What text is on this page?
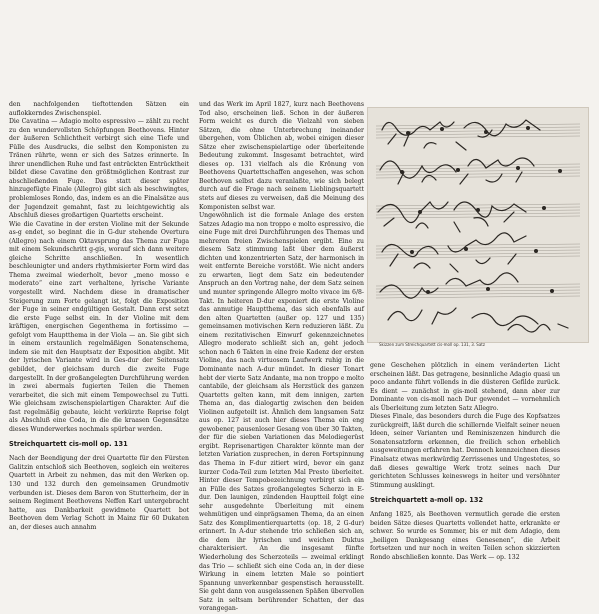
den nachfolgenden tieftottenden Sätzen ein auflokkerndes Zwischenspiel.
Die Cavatina — Adagio molto espressivo — zählt zu recht zu den wundervollsten Schöpfungen Beethovens. Hinter der äußeren Schlichtheit verbirgt sich eine Tiefe und Fülle des Ausdrucks, die selbst den Komponisten zu Tränen rührte, wenn er sich des Satzes erinnerte. In ihrer unendlichen Ruhe und fast entrückten Entrücktheit bildet diese Cavatine den größtmöglichen Kontrast zur abschließenden Fuge. Das statt dieser später hinzugefügte Finale (Allegro) gibt sich als beschwingtes, problemloses Rondo, das, indem es an die Finalsätze aus der Jugendzeit gemahnt, fast zu leichtgewichtig als Abschluß dieses großartigen Quartetts erscheint.
Wie die Cavatine in der ersten Violine mit der Sekunde as-g endet, so beginnt die in G-dur stehende Overtura (Allegro) nach einem Oktavsprung das Thema zur Fuga mit einem Sekundschritt g-gis, worauf sich dann weitere gleiche Schritte anschließen. In wesentlich beschleunigter und anders rhythmisierter Form wird das Thema zweimal wiederholt, bevor „meno mosso e moderato“ eine zart verhaltene, lyrische Variante vorgestellt wird. Nachdem diese in dramatischer Steigerung zum Forte gelangt ist, folgt die Exposition der Fuge in seiner endgültigen Gestalt. Dann erst setzt die erste Fuge selbst ein. In der Violine mit dem kräftigen, energischen Gegenthema in fortissimo — gefolgt vom Hauptthema in der Viola — an. Sie gibt sich in einem erstaunlich regelmäßigen Sonatenschema, indem sie mit den Hauptsatz der Exposition abgibt. Mit der lyrischen Variante wird in Ges-dur der Seitensatz gebildet, der gleichsam durch die zweite Fuge dargestellt. In der großangelegten Durchführung werden in zwei abermals fugierten Teilen die Themen verarbeitet, die sich mit einem Tempowechsel zu Tutti. Wie gleichsam zwischenspielartigen Charakter. Auf die fast regelmäßig gebaute, leicht verkürzte Reprise folgt als Abschluß eine Coda, in die die kraasen Gegensätze dieses Wunderwerkes nochmals spürbar werden.

Streichquartett cis-moll op. 131

Nach der Beendigung der drei Quartette für den Fürsten Galitzin entschloß sich Beethoven, sogleich ein weiteres Quartett in Arbeit zu nehmen, das mit den Werken op. 130 und 132 durch den gemeinsamen Grundmotiv verbunden ist. Dieses dem Baron von Stutterheim, der in seinem Regiment Beethovens Neffen Karl untergebracht hatte, aus Dankbarkeit gewidmete Quartett bot Beethoven dem Verlag Schott in Mainz für 60 Dukaten an, der dieses auch annahm

und das Werk im April 1827, kurz nach Beethovens Tod also, erscheinen ließ. Schon in der äußeren Form weicht es durch die Vielzahl von sieben Sätzen, die ohne Unterbrechung ineinander übergehen, vom Üblichen ab, wobei einigen dieser Sätze eher zwischenspielartige oder überleitende Bedeutung zukommt. Insgesamt betrachtet, wird dieses op. 131 vielfach als die Krönung von Beethovens Quartettschaffen angesehen, was schon Beethoven selbst dazu veranlaßte, wie sich belegt durch auf die Frage nach seinem Lieblingsquartett stets auf dieses zu verweisen, daß die Meinung des Komponisten selbst war.
Ungewöhnlich ist die formale Anlage des ersten Satzes Adagio ma non troppo e molto espressivo, die eine Fuge mit drei Durchführungen des Themas und mehreren freien Zwischenspielen ergibt. Eine zu diesem Satz stimmung laßt über dem äußerst dichten und konzentrierten Satz, der harmonisch in weit entfernte Bereiche vorstößt. Wie nicht anders zu erwarten, liegt dem Satz ein bedeutender Anspruch an den Vortrag nahe, der dem Satz seinen und munter springende Allegro molto vivace im 6/8-Takt. In heiteren D-dur exponiert die erste Violine das anmutige Hauptthema, das sich ebenfalls auf den alten Quartetten (außer op. 127 und 135) gemeinsamen motivischen Kern reduzieren läßt. Zu einem rezitativischen Einwurf gekennzeichnetes Allegro moderato schließt sich an, geht jedoch schon nach 6 Takten in eine freie Kadenz der ersten Violine, das nach virtuosem Laufwerk ruhig in die Dominante nach A-dur mündet. In dieser Tonart hebt der vierte Satz Andante, ma non troppo e molto cantabile, der gleichsam als Herzstück des ganzen Quartetts gelten kann, mit dem innigen, zarten Thema an, das dialogartig zwischen den beiden Violinen aufgeteilt ist. Ähnlich dem langsamen Satz aus op. 127 ist auch hier dieses Thema ein eng gewobener, pausenloser Gesang von über 30 Takten, der für die sieben Variationen das Melodiegerüst ergibt. Reprisenartigen Charakter könnte man der letzten Variation zusprechen, in deren Fortspinnung das Thema in F-dur zitiert wird, bevor ein ganz kurzer Coda-Teil zum letzten Mal Presto überleitet. Hinter dieser Tempobezeichnung verbirgt sich ein an Fülle des Satzes großangelegtes Scherzo in E-dur. Den launigen, zündenden Hauptteil folgt eine sehr ausgedehnte Überleitung mit einem wehmütigen und einprägsamen Thema, da an einen Satz des Komplimentierquartetts (op. 18, 2 G-dur) erinnert. In A-dur stehende trio schließen sich an, die dem ihr lyrischen und weichen Duktus charakterisiert. An die insgesamt fünfte Wiederholung des Scherzoteils — zweimal erklingt das Trio — schließt sich eine Coda an, in der diese Wirkung in einem letzten Male so pointiert Spannung unverkennbar gespenstisch herausstellt. Sie geht dann von ausgelassenen Späßen übervollen Satz in seltsam berührender Schatten, der das vorangegan-

Skizzen zum Streichquartett cis-moll op. 131, 3. Satz

gene Geschehen plötzlich in einem veränderten Licht erscheinen läßt. Das getragene, besinnliche Adagio quasi un poco andante führt vollends in die düsteren Gefilde zurück. Es dient — zunächst in gis-moll stehend, dann aber zur Dominante von cis-moll nach Dur gewendet — vornehmlich als Überleitung zum letzten Satz Allegro.
Dieses Finale, das besonders durch die Fuge des Kopfsatzes zurückgreift, läßt durch die schillernde Vielfalt seiner neuen Ideen, seiner Varianten und Reminiszenzen hindurch die Sonatensatzform erkennen, die freilich schon erheblich ausgeweitungen erfahren hat. Dennoch kennzeichnen dieses Finalsatz etwas merkwürdig Zerrissenes und Ungestetes, so daß dieses gewaltige Werk trotz seines nach Dur gerichteten Schlusses keineswegs in heiter und versöhnter Stimmung ausklingt.

Streichquartett a-moll op. 132

Anfang 1825, als Beethoven vermutlich gerade die ersten beiden Sätze dieses Quartetts vollendet hatte, erkrankte er schwer. So wurde es Sommer, bis er mit dem Adagio, dem „heiligen Dankgesang eines Genesenen“, die Arbeit fortsetzen und nur noch in weiten Teilen schon skizzierten Rondo abschließen konnte. Das Werk — op. 132
